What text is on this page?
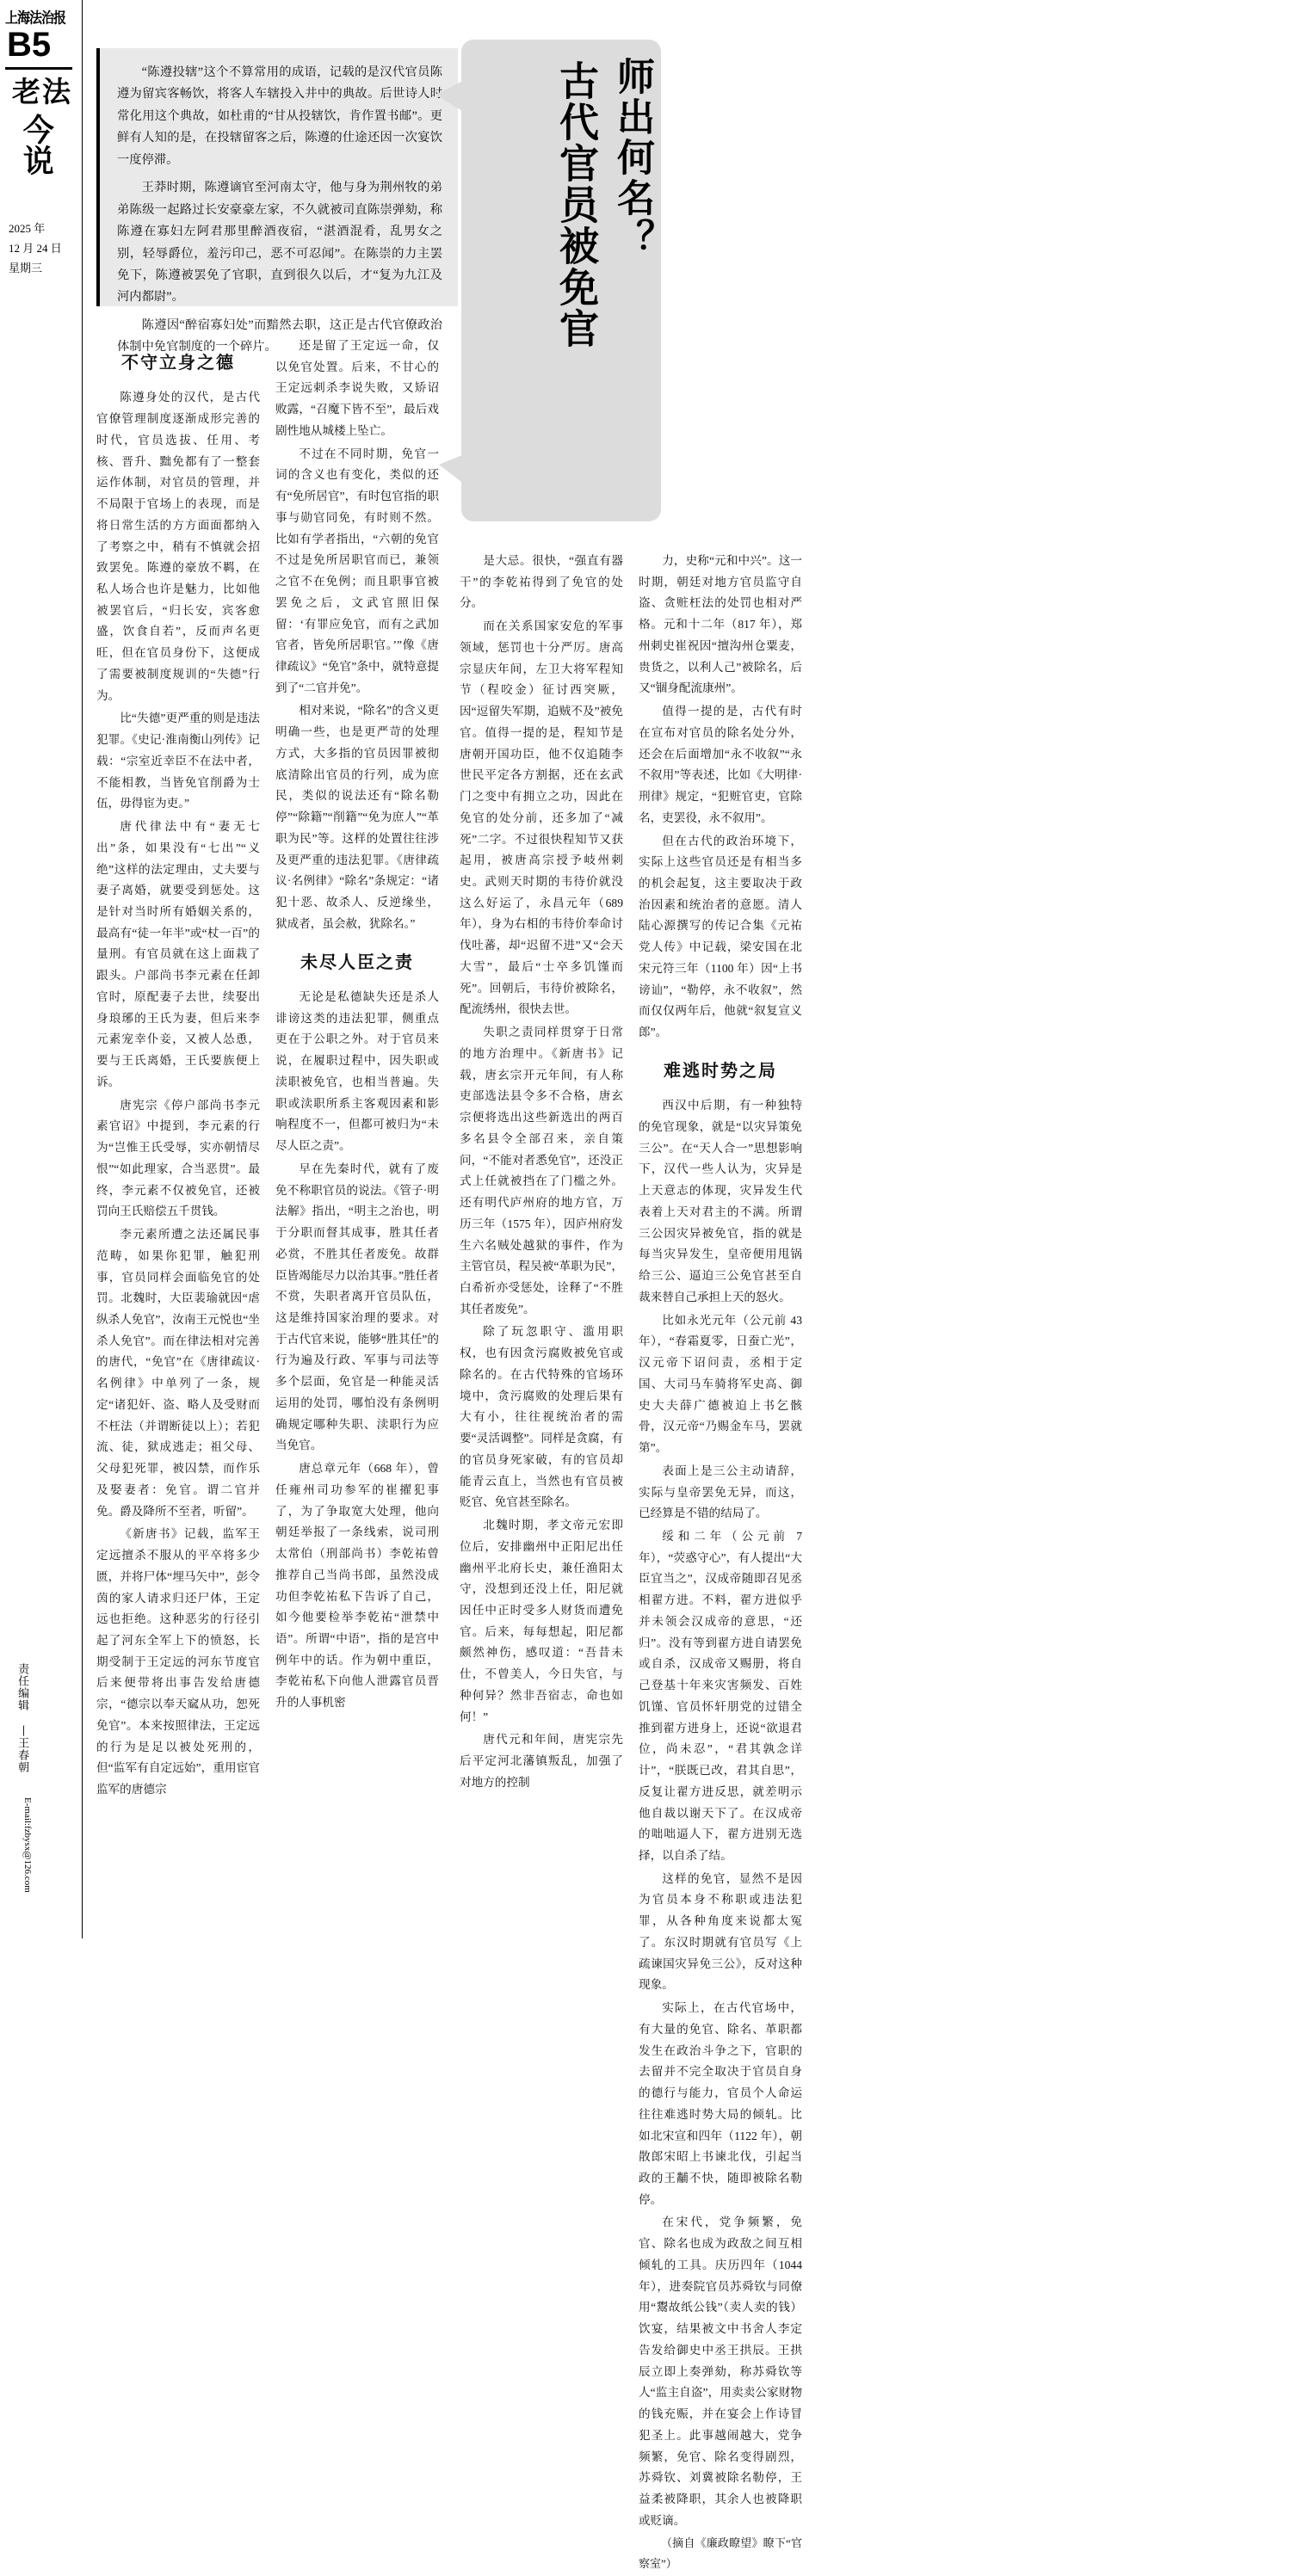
上海法治报
B5
老法
今说
2025 年
12 月 24 日
星期三
责任编辑 丨王春朝
E-mail:fzbysx@126.com

“陈遵投辖”这个不算常用的成语，记载的是汉代官员陈遵为留宾客畅饮，将客人车辖投入井中的典故。后世诗人时常化用这个典故，如杜甫的“甘从投辖饮，肯作置书邮”。更鲜有人知的是，在投辖留客之后，陈遵的仕途还因一次宴饮一度停滞。

王莽时期，陈遵谪官至河南太守，他与身为荆州牧的弟弟陈级一起路过长安豪豪左家，不久就被司直陈崇弹劾，称陈遵在寡妇左阿君那里醉酒夜宿，“湛酒混肴，乱男女之别，轻辱爵位，羞污印己，恶不可忍闻”。在陈崇的力主罢免下，陈遵被罢免了官职，直到很久以后，才“复为九江及河内都尉”。

陈遵因“醉宿寡妇处”而黯然去职，这正是古代官僚政治体制中免官制度的一个碎片。

师出何名？
古代官员被免官
不守立身之德

陈遵身处的汉代，是古代官僚管理制度逐渐成形完善的时代，官员选拔、任用、考核、晋升、黜免都有了一整套运作体制，对官员的管理，并不局限于官场上的表现，而是将日常生活的方方面面都纳入了考察之中，稍有不慎就会招致罢免。陈遵的豪放不羁，在私人场合也许是魅力，比如他被罢官后，“归长安，宾客愈盛，饮食自若”，反而声名更旺，但在官员身份下，这便成了需要被制度规训的“失德”行为。

比“失德”更严重的则是违法犯罪。《史记·淮南衡山列传》记载：“宗室近幸臣不在法中者，不能相教，当皆免官削爵为士伍，毋得宦为吏。”

唐代律法中有“妻无七出”条，如果没有“七出”“义绝”这样的法定理由，丈夫要与妻子离婚，就要受到惩处。这是针对当时所有婚姻关系的，最高有“徒一年半”或“杖一百”的量刑。有官员就在这上面栽了跟头。户部尚书李元素在任卸官时，原配妻子去世，续娶出身琅琊的王氏为妻，但后来李元素宠幸仆妾，又被人怂恿，要与王氏离婚，王氏要族便上诉。

唐宪宗《停户部尚书李元素官诏》中提到，李元素的行为“岂惟王氏受辱，实亦朝情尽恨”“如此理家，合当恶贯”。最终，李元素不仅被免官，还被罚向王氏赔偿五千贯钱。

李元素所遭之法还属民事范畴，如果你犯罪，触犯刑事，官员同样会面临免官的处罚。北魏时，大臣裴瑜就因“虐纵杀人免官”，汝南王元悦也“坐杀人免官”。而在律法相对完善的唐代，“免官”在《唐律疏议·名例律》中单列了一条，规定“诸犯奸、盗、略人及受财而不枉法（并谓断徒以上）；若犯流、徒，狱成逃走；祖父母、父母犯死罪，被囚禁，而作乐及娶妻者：免官。谓二官并免。爵及降所不至者，听留”。

《新唐书》记载，监军王定远擅杀不服从的平卒将多少匮，并将尸体“埋马矢中”，彭令茵的家人请求归还尸体，王定远也拒绝。这种恶劣的行径引起了河东全军上下的愤怒，长期受制于王定远的河东节度官后来便带将出事告发给唐德宗，“德宗以奉天窳从功，恕死免官”。本来按照律法，王定远的行为是足以被处死刑的，但“监军有自定远始”，重用宦官监军的唐德宗

还是留了王定远一命，仅以免官处置。后来，不甘心的王定远刺杀李说失败，又矫诏败露，“召魔下皆不至”，最后戏剧性地从城楼上坠亡。

不过在不同时期，免官一词的含义也有变化，类似的还有“免所居官”，有时包官指的职事与勋官同免，有时则不然。比如有学者指出，“六朝的免官不过是免所居职官而已，兼领之官不在免例；而且职事官被罢免之后，文武官照旧保留：‘有罪应免官，而有之武加官者，皆免所居职官。’”像《唐律疏议》“免官”条中，就特意提到了“二官并免”。

相对来说，“除名”的含义更明确一些，也是更严苛的处理方式，大多指的官员因罪被彻底清除出官员的行列，成为庶民，类似的说法还有“除名勒停”“除籍”“削籍”“免为庶人”“革职为民”等。这样的处置往往涉及更严重的违法犯罪。《唐律疏议·名例律》“除名”条规定：“诸犯十恶、故杀人、反逆缘坐，狱成者，虽会赦，犹除名。”

未尽人臣之责

无论是私德缺失还是杀人诽谤这类的违法犯罪，侧重点更在于公职之外。对于官员来说，在履职过程中，因失职或渎职被免官，也相当普遍。失职或渎职所系主客观因素和影响程度不一，但都可被归为“未尽人臣之责”。

早在先秦时代，就有了废免不称职官员的说法。《管子·明法解》指出，“明主之治也，明于分职而督其成事，胜其任者必赏，不胜其任者废免。故群臣皆竭能尽力以治其事。”胜任者不赏，失职者离开官员队伍，这是维持国家治理的要求。对于古代官来说，能够“胜其任”的行为遍及行政、军事与司法等多个层面，免官是一种能灵活运用的处罚，哪怕没有条例明确规定哪种失职、渎职行为应当免官。

唐总章元年（668 年），曾任雍州司功参军的崔擢犯事了，为了争取宽大处理，他向朝廷举报了一条线索，说司刑太常伯（刑部尚书）李乾祐曾推荐自己当尚书郎，虽然没成功但李乾祐私下告诉了自己，如今他要检举李乾祐“泄禁中语”。所谓“中语”，指的是宫中例年中的话。作为朝中重臣，李乾祐私下向他人泄露官员晋升的人事机密

是大忌。很快，“强直有器干”的李乾祐得到了免官的处分。

而在关系国家安危的军事领域，惩罚也十分严厉。唐高宗显庆年间，左卫大将军程知节（程咬金）征讨西突厥，因“逗留失军期，追贼不及”被免官。值得一提的是，程知节是唐朝开国功臣，他不仅追随李世民平定各方割据，还在玄武门之变中有拥立之功，因此在免官的处分前，还多加了“减死”二字。不过很快程知节又获起用，被唐高宗授予岐州刺史。武则天时期的韦待价就没这么好运了，永昌元年（689 年），身为右相的韦待价奉命讨伐吐蕃，却“迟留不进”又“会天大雪”，最后“士卒多饥馑而死”。回朝后，韦待价被除名，配流绣州，很快去世。

失职之责同样贯穿于日常的地方治理中。《新唐书》记载，唐玄宗开元年间，有人称吏部选法县令多不合格，唐玄宗便将选出这些新选出的两百多名县令全部召来，亲自策问，“不能对者悉免官”，还没正式上任就被挡在了门槛之外。还有明代庐州府的地方官，万历三年（1575 年），因庐州府发生六名贼处越狱的事件，作为主管官员，程吴被“革职为民”，白希祈亦受惩处，诠释了“不胜其任者废免”。

除了玩忽职守、滥用职权，也有因贪污腐败被免官或除名的。在古代特殊的官场环境中，贪污腐败的处理后果有大有小，往往视统治者的需要“灵活调整”。同样是贪腐，有的官员身死家破，有的官员却能青云直上，当然也有官员被贬官、免官甚至除名。

北魏时期，孝文帝元宏即位后，安排幽州中正阳尼出任幽州平北府长史，兼任渔阳太守，没想到还没上任，阳尼就因任中正时受多人财货而遭免官。后来，每每想起，阳尼都颇然神伤，感叹道：“吾昔未仕，不曾美人，今日失官，与种何异？然非吾宿志，命也如何！”

唐代元和年间，唐宪宗先后平定河北藩镇叛乱，加强了对地方的控制

力，史称“元和中兴”。这一时期，朝廷对地方官员监守自盗、贪赃枉法的处罚也相对严格。元和十二年（817 年），郑州刺史崔祝因“擅沟州仓粟麦，贵货之，以利人己”被除名，后又“锢身配流康州”。

值得一提的是，古代有时在宣布对官员的除名处分外，还会在后面增加“永不收叙”“永不叙用”等表述，比如《大明律·刑律》规定，“犯赃官吏，官除名，吏罢役，永不叙用”。

但在古代的政治环境下，实际上这些官员还是有相当多的机会起复，这主要取决于政治因素和统治者的意愿。清人陆心源撰写的传记合集《元祐党人传》中记载，梁安国在北宋元符三年（1100 年）因“上书谤讪”，“勒停，永不收叙”，然而仅仅两年后，他就“叙复宣义郎”。

难逃时势之局

西汉中后期，有一种独特的免官现象，就是“以灾异策免三公”。在“天人合一”思想影响下，汉代一些人认为，灾异是上天意志的体现，灾异发生代表着上天对君主的不满。所谓三公因灾异被免官，指的就是每当灾异发生，皇帝便用甩锅给三公、逼迫三公免官甚至自裁来替自己承担上天的怒火。

比如永光元年（公元前 43 年），“春霜夏零，日蚕亡光”，汉元帝下诏问责，丞相于定国、大司马车骑将军史高、御史大夫薛广德被迫上书乞骸骨，汉元帝“乃赐金车马，罢就第”。

表面上是三公主动请辞，实际与皇帝罢免无异，而这，已经算是不错的结局了。

绥和二年（公元前 7 年），“荧惑守心”，有人提出“大臣宜当之”，汉成帝随即召见丞相翟方进。不料，翟方进似乎并未领会汉成帝的意思，“还归”。没有等到翟方进自请罢免或自杀，汉成帝又赐册，将自己登基十年来灾害频发、百姓饥馑、官员怀轩朋党的过错全推到翟方进身上，还说“欲退君位，尚未忍”，“君其孰念详计”，“朕既已改，君其自思”，反复让翟方进反思，就差明示他自裁以谢天下了。在汉成帝的咄咄逼人下，翟方进别无选择，以自杀了结。

这样的免官，显然不是因为官员本身不称职或违法犯罪，从各种角度来说都太冤了。东汉时期就有官员写《上疏谏国灾异免三公》，反对这种现象。

实际上，在古代官场中，有大量的免官、除名、革职都发生在政治斗争之下，官职的去留并不完全取决于官员自身的德行与能力，官员个人命运往往难逃时势大局的倾轧。比如北宋宣和四年（1122 年），朝散郎宋昭上书谏北伐，引起当政的王黼不快，随即被除名勒停。

在宋代，党争频繁，免官、除名也成为政敌之间互相倾轧的工具。庆历四年（1044 年），进奏院官员苏舜钦与同僚用“鬻故纸公钱”（卖人卖的钱）饮宴，结果被文中书舍人李定告发给御史中丞王拱辰。王拱辰立即上奏弹劾，称苏舜钦等人“监主自盗”，用卖卖公家财物的钱充赈，并在宴会上作诗冒犯圣上。此事越闹越大，党争频繁，免官、除名变得剧烈，苏舜钦、刘冀被除名勒停，王益柔被降职，其余人也被降职或贬谪。

（摘自《廉政瞭望》瞭下“官察室”）
